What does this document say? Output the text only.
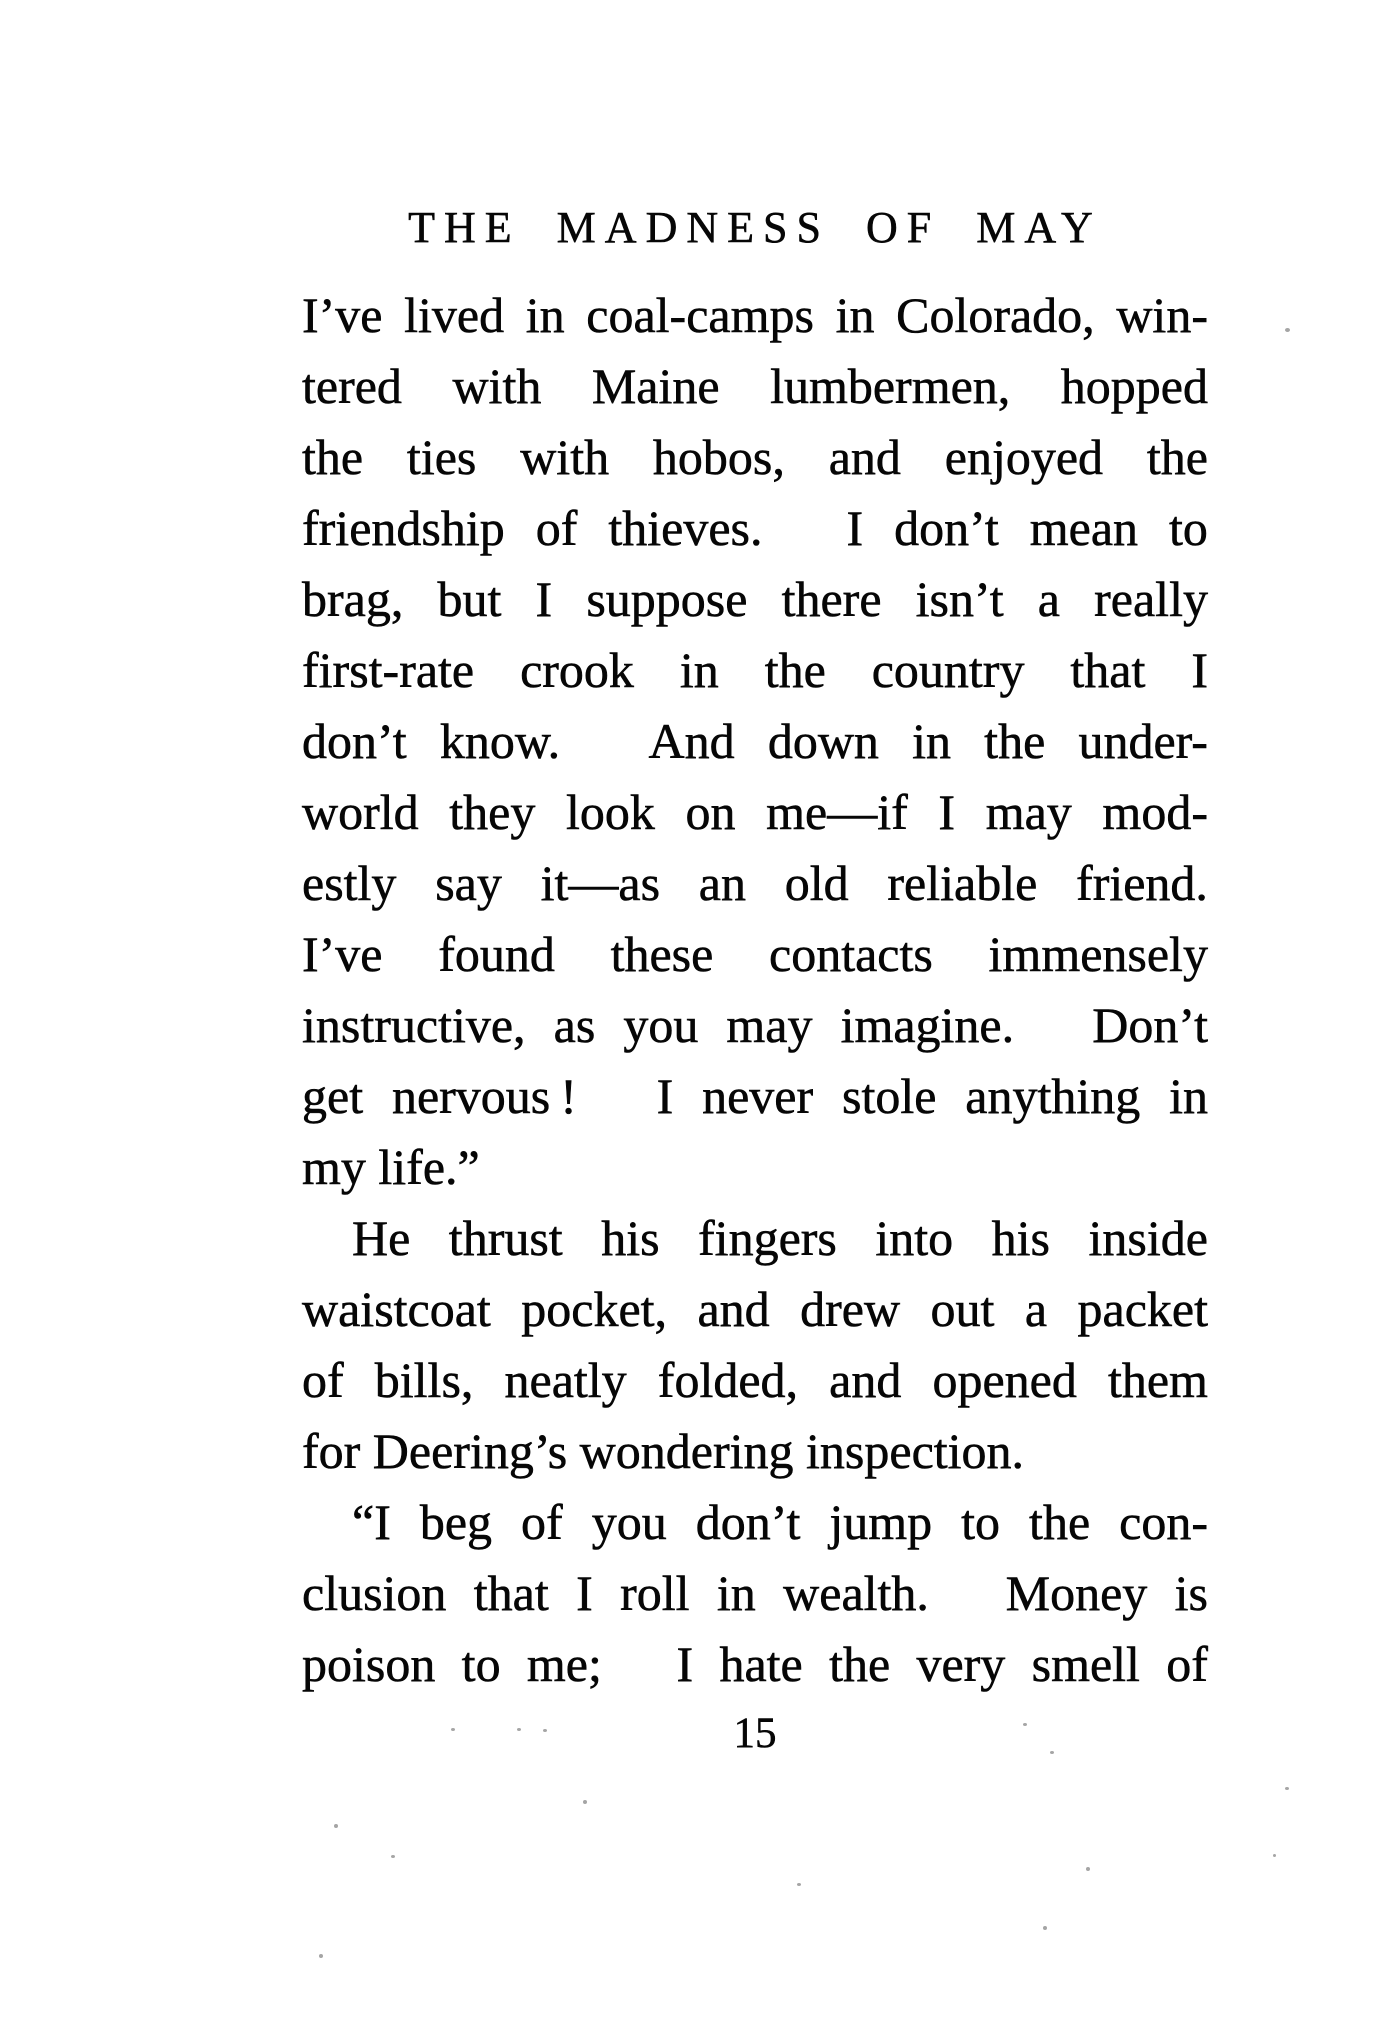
THE MADNESS OF MAY
I’ve lived in coal-camps in Colorado, win-
tered with Maine lumbermen, hopped
the ties with hobos, and enjoyed the
friendship of thieves. I don’t mean to
brag, but I suppose there isn’t a really
first-rate crook in the country that I
don’t know. And down in the under-
world they look on me—if I may mod-
estly say it—as an old reliable friend.
I’ve found these contacts immensely
instructive, as you may imagine. Don’t
get nervous ! I never stole anything in
my life.”
He thrust his fingers into his inside
waistcoat pocket, and drew out a packet
of bills, neatly folded, and opened them
for Deering’s wondering inspection.
“I beg of you don’t jump to the con-
clusion that I roll in wealth. Money is
poison to me; I hate the very smell of
15
